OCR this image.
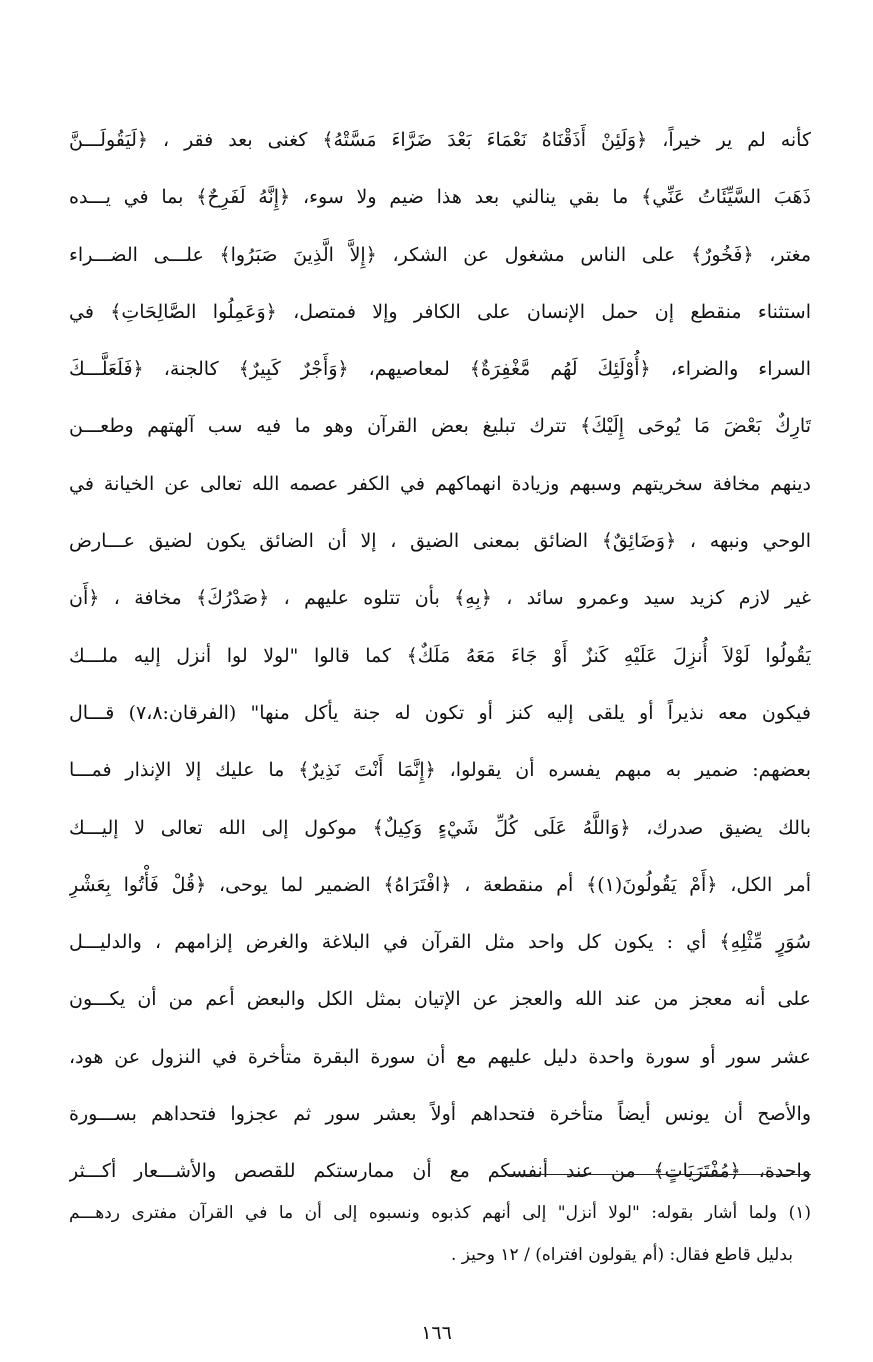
كأنه لم ير خيراً، ﴿وَلَئِنْ أَذَقْنَاهُ نَعْمَاءَ بَعْدَ ضَرَّاءَ مَسَّتْهُ﴾ كغنى بعد فقر ، ﴿لَيَقُولَـــنَّ
ذَهَبَ السَّيِّئَاتُ عَنِّي﴾ ما بقي ينالني بعد هذا ضيم ولا سوء، ﴿إِنَّهُ لَفَرِحٌ﴾ بما في يـــده
مغتر، ﴿فَخُورٌ﴾ على الناس مشغول عن الشكر، ﴿إِلاَّ الَّذِينَ صَبَرُوا﴾ علـــى الضـــراء
استثناء منقطع إن حمل الإنسان على الكافر وإلا فمتصل، ﴿وَعَمِلُوا الصَّالِحَاتِ﴾ في
السراء والضراء، ﴿أُوْلَئِكَ لَهُم مَّغْفِرَةٌ﴾ لمعاصيهم، ﴿وَأَجْرٌ كَبِيرٌ﴾ كالجنة، ﴿فَلَعَلَّـــكَ
تَارِكٌ بَعْضَ مَا يُوحَى إِلَيْكَ﴾ تترك تبليغ بعض القرآن وهو ما فيه سب آلهتهم وطعـــن
دينهم مخافة سخريتهم وسبهم وزيادة انهماكهم في الكفر عصمه الله تعالى عن الخيانة في
الوحي ونبهه ، ﴿وَضَائِقٌ﴾ الضائق بمعنى الضيق ، إلا أن الضائق يكون لضيق عـــارض
غير لازم كزيد سيد وعمرو سائد ، ﴿بِهِ﴾ بأن تتلوه عليهم ، ﴿صَدْرُكَ﴾ مخافة ، ﴿أَن
يَقُولُوا لَوْلاَ أُنزِلَ عَلَيْهِ كَنزٌ أَوْ جَاءَ مَعَهُ مَلَكٌ﴾ كما قالوا "لولا لوا أنزل إليه ملـــك
فيكون معه نذيراً أو يلقى إليه كنز أو تكون له جنة يأكل منها" (الفرقان:٧،٨) قـــال
بعضهم: ضمير به مبهم يفسره أن يقولوا، ﴿إِنَّمَا أَنْتَ نَذِيرٌ﴾ ما عليك إلا الإنذار فمـــا
بالك يضيق صدرك، ﴿وَاللَّهُ عَلَى كُلِّ شَيْءٍ وَكِيلٌ﴾ موكول إلى الله تعالى لا إليـــك
أمر الكل، ﴿أَمْ يَقُولُونَ(١)﴾ أم منقطعة ، ﴿افْتَرَاهُ﴾ الضمير لما يوحى، ﴿قُلْ فَأْتُوا بِعَشْرِ
سُوَرٍ مِّثْلِهِ﴾ أي : يكون كل واحد مثل القرآن في البلاغة والغرض إلزامهم ، والدليـــل
على أنه معجز من عند الله والعجز عن الإتيان بمثل الكل والبعض أعم من أن يكـــون
عشر سور أو سورة واحدة دليل عليهم مع أن سورة البقرة متأخرة في النزول عن هود،
والأصح أن يونس أيضاً متأخرة فتحداهم أولاً بعشر سور ثم عجزوا فتحداهم بســـورة
واحدة، ﴿مُفْتَرَيَاتٍ﴾ من عند أنفسكم مع أن ممارستكم للقصص والأشـــعار أكـــثر
(١) ولما أشار بقوله: "لولا أنزل" إلى أنهم كذبوه ونسبوه إلى أن ما في القرآن مفترى ردهـــم
بدليل قاطع فقال: (أم يقولون افتراه) / ١٢ وحيز .
١٦٦
